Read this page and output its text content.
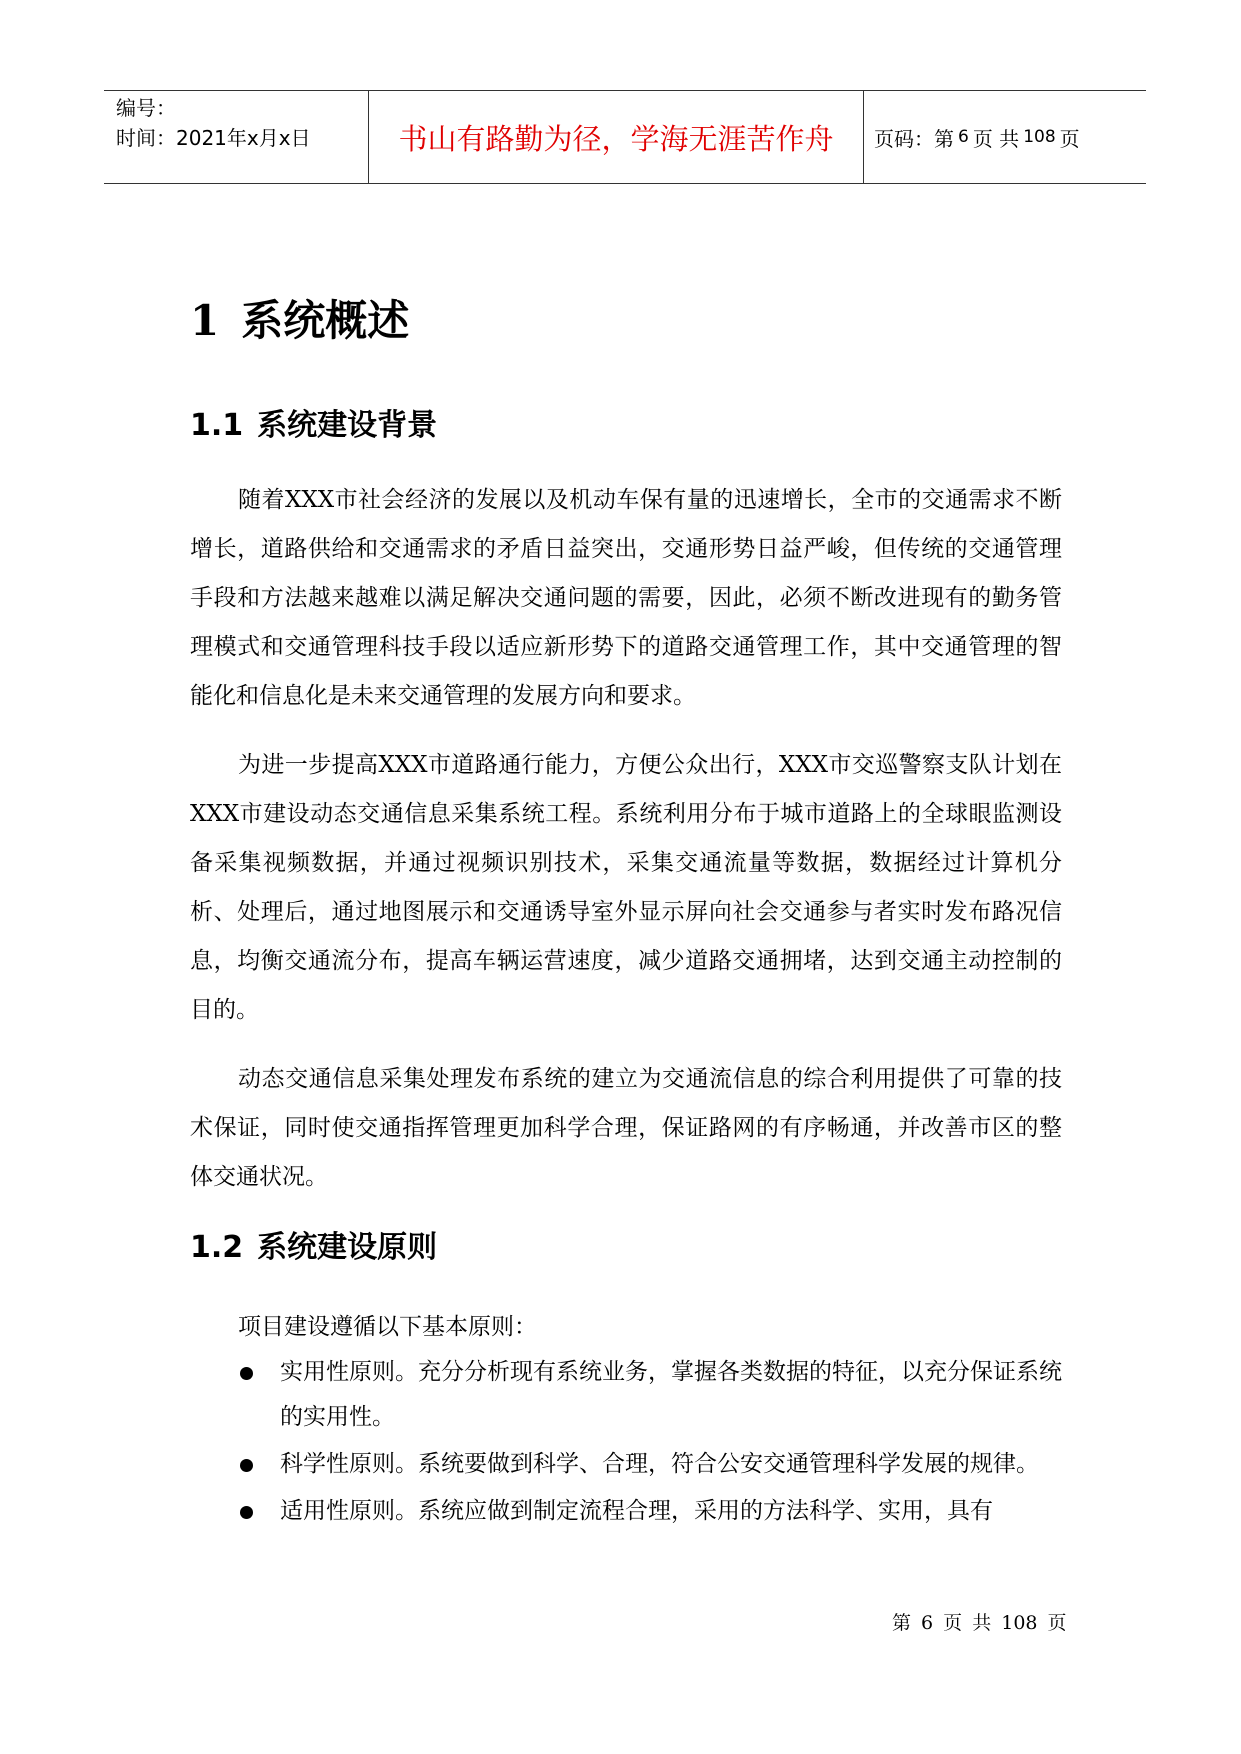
编号：
时间：2021年x月x日	书山有路勤为径，学海无涯苦作舟	页码：第 6 页 共 108 页
1 系统概述
1.1 系统建设背景

随着XXX市社会经济的发展以及机动车保有量的迅速增长，全市的交通需求不断增长，道路供给和交通需求的矛盾日益突出，交通形势日益严峻，但传统的交通管理手段和方法越来越难以满足解决交通问题的需要，因此，必须不断改进现有的勤务管理模式和交通管理科技手段以适应新形势下的道路交通管理工作，其中交通管理的智能化和信息化是未来交通管理的发展方向和要求。

为进一步提高XXX市道路通行能力，方便公众出行，XXX市交巡警察支队计划在XXX市建设动态交通信息采集系统工程。系统利用分布于城市道路上的全球眼监测设备采集视频数据，并通过视频识别技术，采集交通流量等数据，数据经过计算机分析、处理后，通过地图展示和交通诱导室外显示屏向社会交通参与者实时发布路况信息，均衡交通流分布，提高车辆运营速度，减少道路交通拥堵，达到交通主动控制的目的。

动态交通信息采集处理发布系统的建立为交通流信息的综合利用提供了可靠的技术保证，同时使交通指挥管理更加科学合理，保证路网的有序畅通，并改善市区的整体交通状况。

1.2 系统建设原则
项目建设遵循以下基本原则：
实用性原则。充分分析现有系统业务，掌握各类数据的特征，以充分保证系统的实用性。
科学性原则。系统要做到科学、合理，符合公安交通管理科学发展的规律。
适用性原则。系统应做到制定流程合理，采用的方法科学、实用，具有
第 6 页 共 108 页
